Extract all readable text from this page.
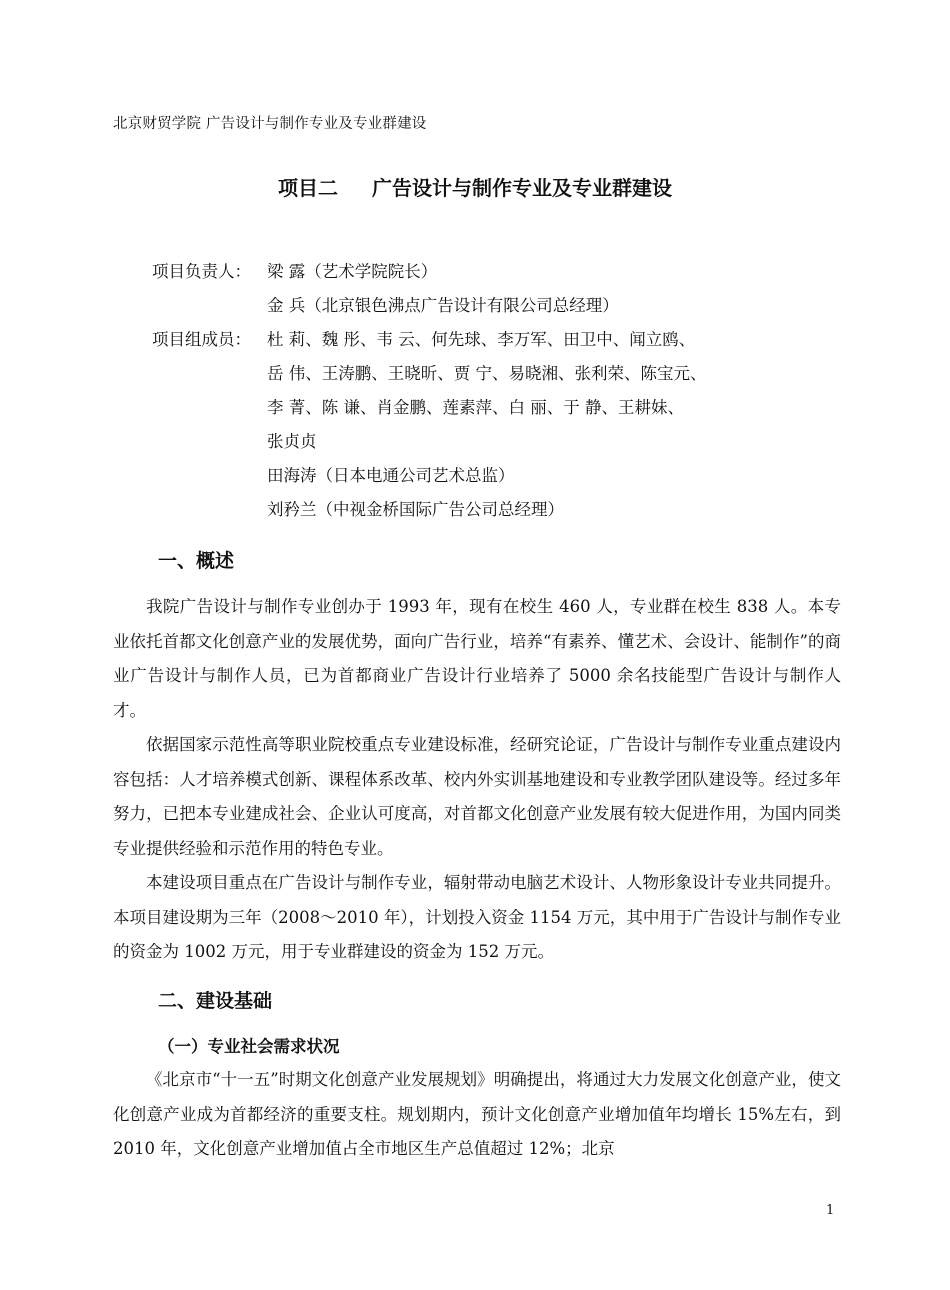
北京财贸学院 广告设计与制作专业及专业群建设
项目二 广告设计与制作专业及专业群建设
项目负责人： 梁 露（艺术学院院长）
金 兵（北京银色沸点广告设计有限公司总经理）
项目组成员： 杜 莉、魏 彤、韦 云、何先球、李万军、田卫中、闻立鸥、
岳 伟、王涛鹏、王晓昕、贾 宁、易晓湘、张利荣、陈宝元、
李 菁、陈 谦、肖金鹏、莲素萍、白 丽、于 静、王耕妹、
张贞贞
田海涛（日本电通公司艺术总监）
刘矜兰（中视金桥国际广告公司总经理）
一、概述

我院广告设计与制作专业创办于 1993 年，现有在校生 460 人，专业群在校生 838 人。本专业依托首都文化创意产业的发展优势，面向广告行业，培养“有素养、懂艺术、会设计、能制作”的商业广告设计与制作人员，已为首都商业广告设计行业培养了 5000 余名技能型广告设计与制作人才。

依据国家示范性高等职业院校重点专业建设标准，经研究论证，广告设计与制作专业重点建设内容包括：人才培养模式创新、课程体系改革、校内外实训基地建设和专业教学团队建设等。经过多年努力，已把本专业建成社会、企业认可度高，对首都文化创意产业发展有较大促进作用，为国内同类专业提供经验和示范作用的特色专业。

本建设项目重点在广告设计与制作专业，辐射带动电脑艺术设计、人物形象设计专业共同提升。本项目建设期为三年（2008～2010 年），计划投入资金 1154 万元，其中用于广告设计与制作专业的资金为 1002 万元，用于专业群建设的资金为 152 万元。

二、建设基础
（一）专业社会需求状况

《北京市“十一五”时期文化创意产业发展规划》明确提出，将通过大力发展文化创意产业，使文化创意产业成为首都经济的重要支柱。规划期内，预计文化创意产业增加值年均增长 15%左右，到 2010 年，文化创意产业增加值占全市地区生产总值超过 12%；北京

1
